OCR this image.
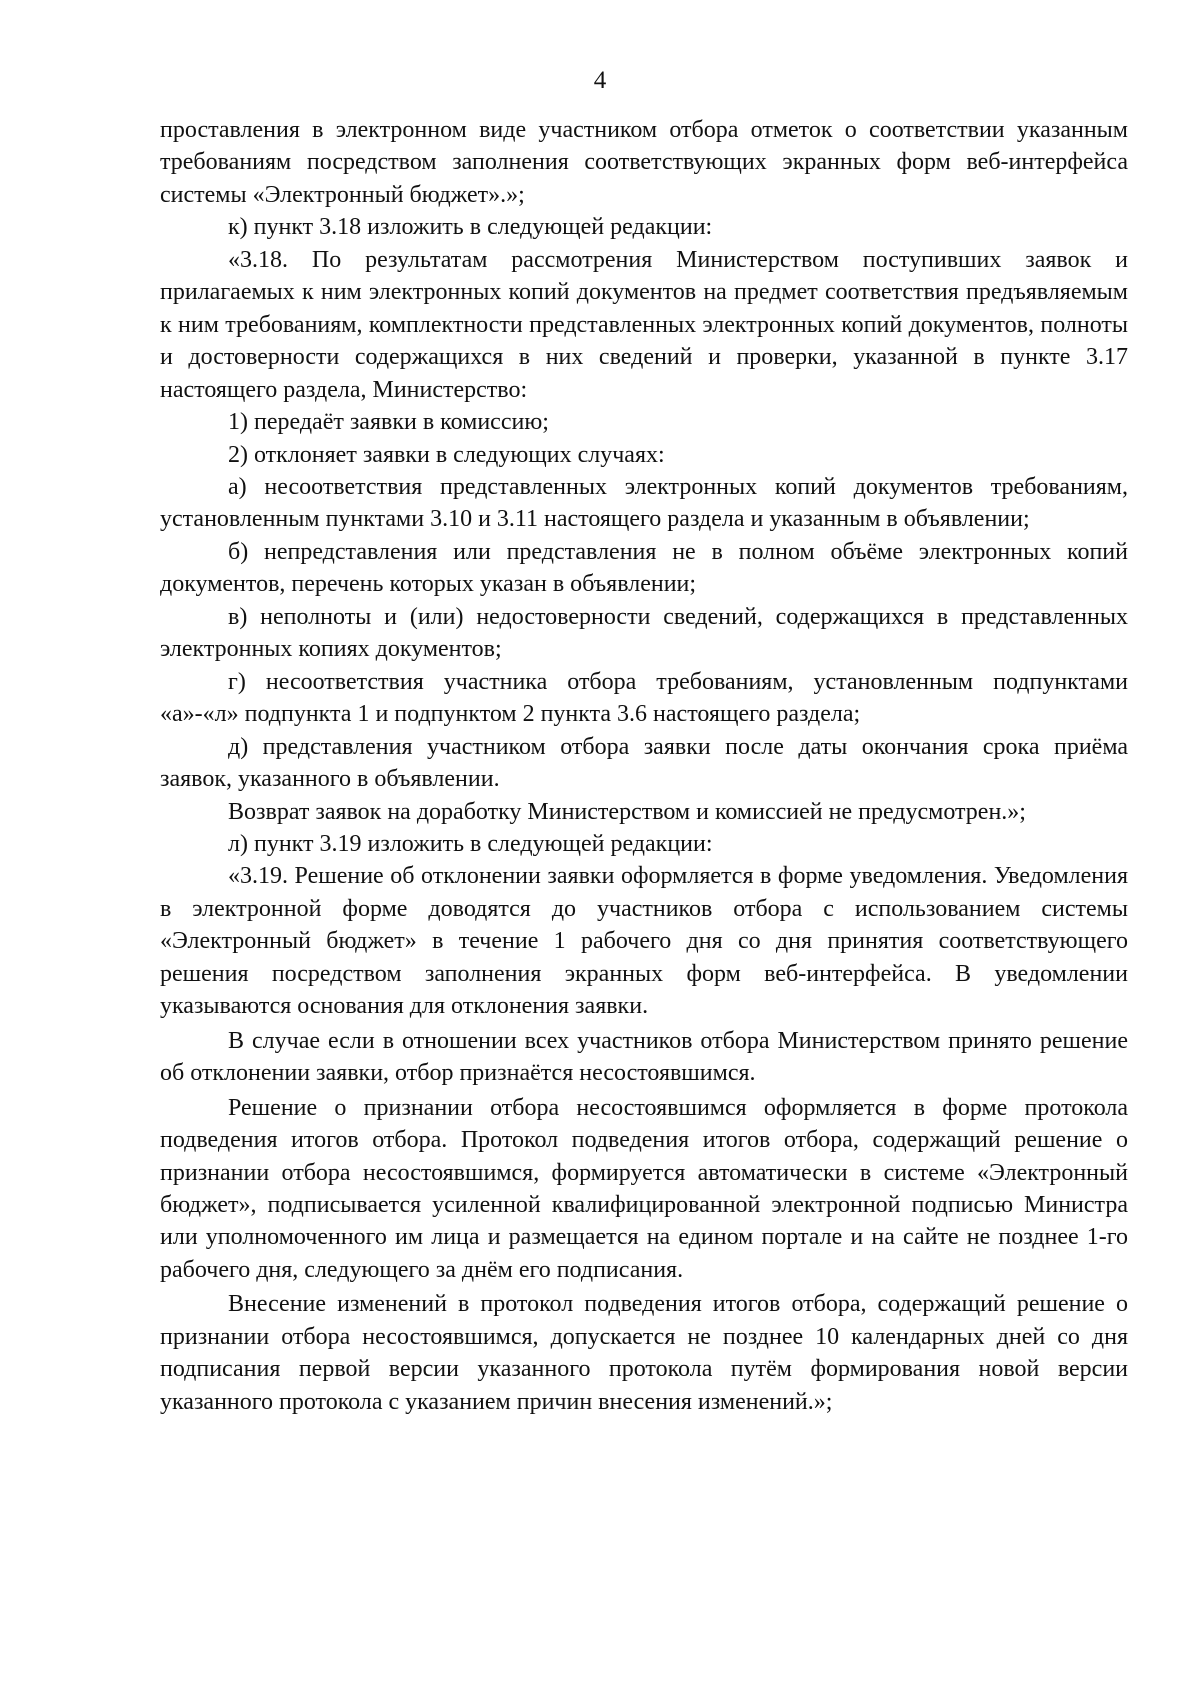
4

проставления в электронном виде участником отбора отметок о соответствии указанным требованиям посредством заполнения соответствующих экранных форм веб-интерфейса системы «Электронный бюджет».»;

к) пункт 3.18 изложить в следующей редакции:

«3.18. По результатам рассмотрения Министерством поступивших заявок и прилагаемых к ним электронных копий документов на предмет соответствия предъявляемым к ним требованиям, комплектности представленных электронных копий документов, полноты и достоверности содержащихся в них сведений и проверки, указанной в пункте 3.17 настоящего раздела, Министерство:

1) передаёт заявки в комиссию;

2) отклоняет заявки в следующих случаях:

а) несоответствия представленных электронных копий документов требованиям, установленным пунктами 3.10 и 3.11 настоящего раздела и указанным в объявлении;

б) непредставления или представления не в полном объёме электронных копий документов, перечень которых указан в объявлении;

в) неполноты и (или) недостоверности сведений, содержащихся в представленных электронных копиях документов;

г) несоответствия участника отбора требованиям, установленным подпунктами «а»-«л» подпункта 1 и подпунктом 2 пункта 3.6 настоящего раздела;

д) представления участником отбора заявки после даты окончания срока приёма заявок, указанного в объявлении.

Возврат заявок на доработку Министерством и комиссией не предусмотрен.»;

л) пункт 3.19 изложить в следующей редакции:

«3.19. Решение об отклонении заявки оформляется в форме уведомления. Уведомления в электронной форме доводятся до участников отбора с использованием системы «Электронный бюджет» в течение 1 рабочего дня со дня принятия соответствующего решения посредством заполнения экранных форм веб-интерфейса. В уведомлении указываются основания для отклонения заявки.

В случае если в отношении всех участников отбора Министерством принято решение об отклонении заявки, отбор признаётся несостоявшимся.

Решение о признании отбора несостоявшимся оформляется в форме протокола подведения итогов отбора. Протокол подведения итогов отбора, содержащий решение о признании отбора несостоявшимся, формируется автоматически в системе «Электронный бюджет», подписывается усиленной квалифицированной электронной подписью Министра или уполномоченного им лица и размещается на едином портале и на сайте не позднее 1-го рабочего дня, следующего за днём его подписания.

Внесение изменений в протокол подведения итогов отбора, содержащий решение о признании отбора несостоявшимся, допускается не позднее 10 календарных дней со дня подписания первой версии указанного протокола путём формирования новой версии указанного протокола с указанием причин внесения изменений.»;
